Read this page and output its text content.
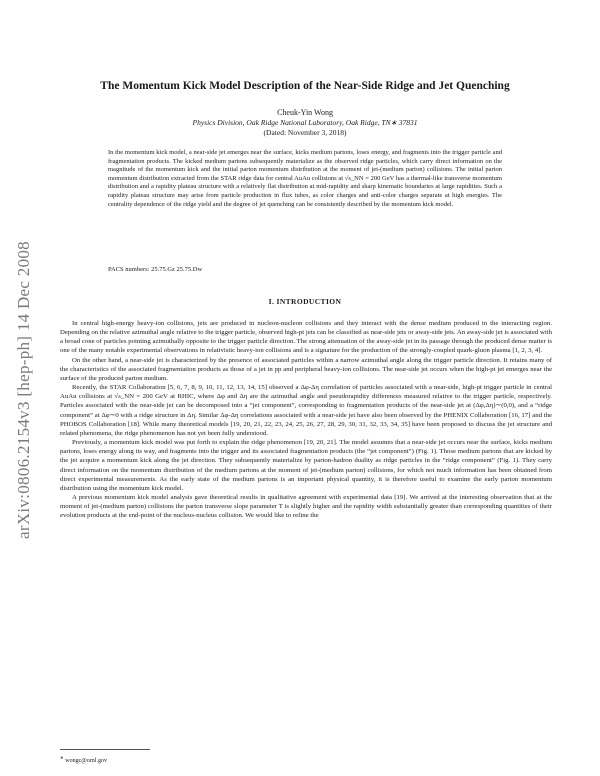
arXiv:0806.2154v3 [hep-ph] 14 Dec 2008
The Momentum Kick Model Description of the Near-Side Ridge and Jet Quenching
Cheuk-Yin Wong
Physics Division, Oak Ridge National Laboratory, Oak Ridge, TN∗ 37831
(Dated: November 3, 2018)
In the momentum kick model, a near-side jet emerges near the surface, kicks medium partons, loses energy, and fragments into the trigger particle and fragmentation products. The kicked medium partons subsequently materialize as the observed ridge particles, which carry direct information on the magnitude of the momentum kick and the initial parton momentum distribution at the moment of jet-(medium parton) collisions. The initial parton momentum distribution extracted from the STAR ridge data for central AuAu collisions at √s_NN = 200 GeV has a thermal-like transverse momentum distribution and a rapidity plateau structure with a relatively flat distribution at mid-rapidity and sharp kinematic boundaries at large rapidities. Such a rapidity plateau structure may arise from particle production in flux tubes, as color charges and anti-color charges separate at high energies. The centrality dependence of the ridge yield and the degree of jet quenching can be consistently described by the momentum kick model.
PACS numbers: 25.75.Gz 25.75.Dw
I. INTRODUCTION

In central high-energy heavy-ion collisions, jets are produced in nucleon-nucleon collisions and they interact with the dense medium produced in the interacting region. Depending on the relative azimuthal angle relative to the trigger particle, observed high-pt jets can be classified as near-side jets or away-side jets. An away-side jet is associated with a broad cone of particles pointing azimuthally opposite to the trigger particle direction. The strong attenuation of the away-side jet in its passage through the produced dense matter is one of the many notable experimental observations in relativistic heavy-ion collisions and is a signature for the production of the strongly-coupled quark-gluon plasma [1, 2, 3, 4].

On the other hand, a near-side jet is characterized by the presence of associated particles within a narrow azimuthal angle along the trigger particle direction. It retains many of the characteristics of the associated fragmentation products as those of a jet in pp and peripheral heavy-ion collisions. The near-side jet occurs when the high-pt jet emerges near the surface of the produced parton medium.

Recently, the STAR Collaboration [5, 6, 7, 8, 9, 10, 11, 12, 13, 14, 15] observed a Δφ-Δη correlation of particles associated with a near-side, high-pt trigger particle in central AuAu collisions at √s_NN = 200 GeV at RHIC, where Δφ and Δη are the azimuthal angle and pseudorapidity differences measured relative to the trigger particle, respectively. Particles associated with the near-side jet can be decomposed into a “jet component”, corresponding to fragmentation products of the near-side jet at (Δφ,Δη)∼(0,0), and a “ridge component” at Δφ∼0 with a ridge structure in Δη. Similar Δφ-Δη correlations associated with a near-side jet have also been observed by the PHENIX Collaboration [16, 17] and the PHOBOS Collaboration [18]. While many theoretical models [19, 20, 21, 22, 23, 24, 25, 26, 27, 28, 29, 30, 31, 32, 33, 34, 35] have been proposed to discuss the jet structure and related phenomena, the ridge phenomenon has not yet been fully understood.

Previously, a momentum kick model was put forth to explain the ridge phenomenon [19, 20, 21]. The model assumes that a near-side jet occurs near the surface, kicks medium partons, loses energy along its way, and fragments into the trigger and its associated fragmentation products (the “jet component”) (Fig. 1). Those medium partons that are kicked by the jet acquire a momentum kick along the jet direction. They subsequently materialize by parton-hadron duality as ridge particles in the “ridge component” (Fig. 1). They carry direct information on the momentum distribution of the medium partons at the moment of jet-(medium parton) collisions, for which not much information has been obtained from direct experimental measurements. As the early state of the medium partons is an important physical quantity, it is therefore useful to examine the early parton momentum distribution using the momentum kick model.

A previous momentum kick model analysis gave theoretical results in qualitative agreement with experimental data [19]. We arrived at the interesting observation that at the moment of jet-(medium parton) collisions the parton transverse slope parameter T is slightly higher and the rapidity width substantially greater than corresponding quantities of their evolution products at the end-point of the nucleus-nucleus collision. We would like to refine the

∗ wongc@ornl.gov
